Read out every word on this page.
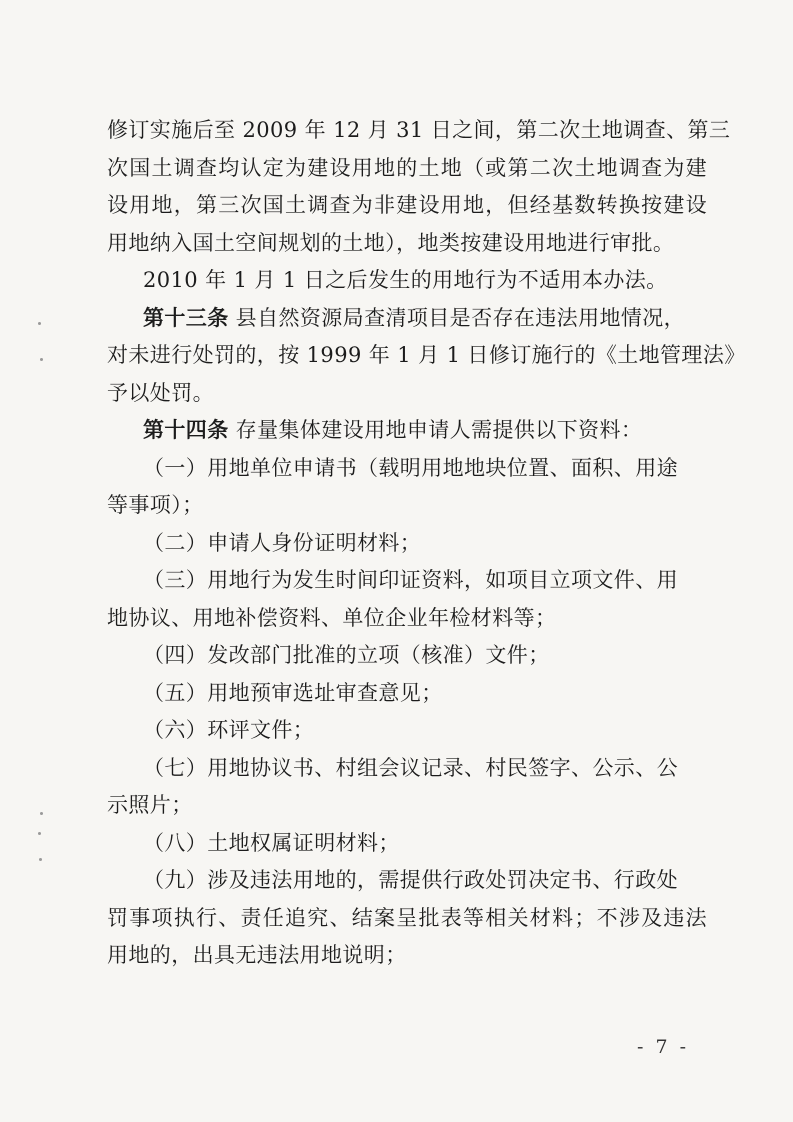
修订实施后至 2009 年 12 月 31 日之间，第二次土地调查、第三
次国土调查均认定为建设用地的土地（或第二次土地调查为建
设用地，第三次国土调查为非建设用地，但经基数转换按建设
用地纳入国土空间规划的土地），地类按建设用地进行审批。
2010 年 1 月 1 日之后发生的用地行为不适用本办法。
第十三条 县自然资源局查清项目是否存在违法用地情况，
对未进行处罚的，按 1999 年 1 月 1 日修订施行的《土地管理法》
予以处罚。
第十四条 存量集体建设用地申请人需提供以下资料：
（一）用地单位申请书（载明用地地块位置、面积、用途
等事项）；
（二）申请人身份证明材料；
（三）用地行为发生时间印证资料，如项目立项文件、用
地协议、用地补偿资料、单位企业年检材料等；
（四）发改部门批准的立项（核准）文件；
（五）用地预审选址审查意见；
（六）环评文件；
（七）用地协议书、村组会议记录、村民签字、公示、公
示照片；
（八）土地权属证明材料；
（九）涉及违法用地的，需提供行政处罚决定书、行政处
罚事项执行、责任追究、结案呈批表等相关材料；不涉及违法
用地的，出具无违法用地说明；
- 7 -
